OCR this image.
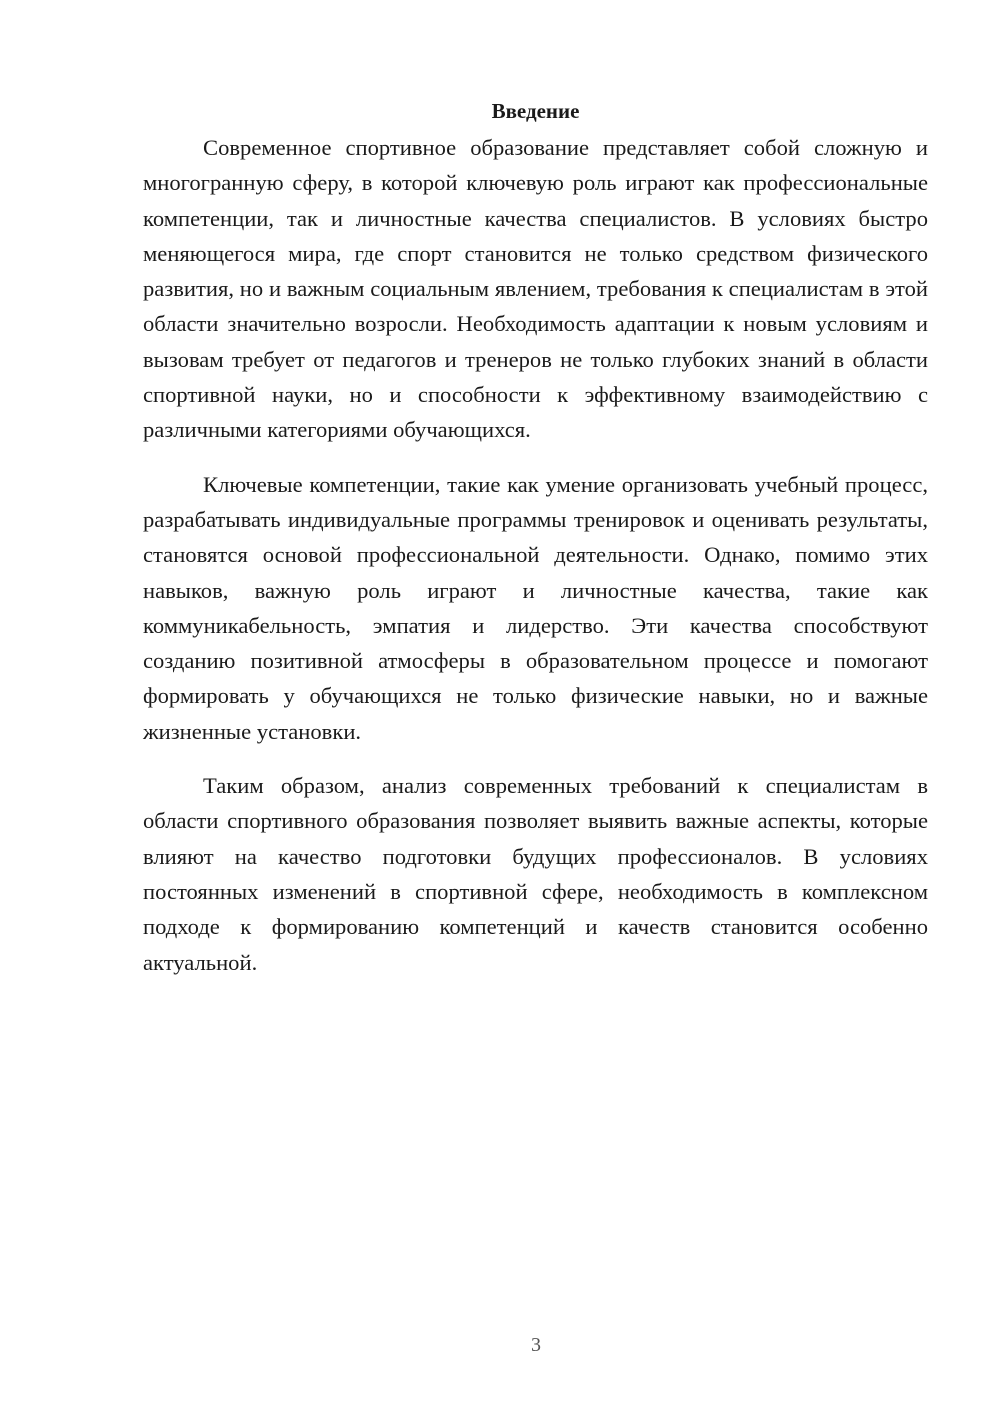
Введение

Современное спортивное образование представляет собой сложную и многогранную сферу, в которой ключевую роль играют как профессиональные компетенции, так и личностные качества специалистов. В условиях быстро меняющегося мира, где спорт становится не только средством физического развития, но и важным социальным явлением, требования к специалистам в этой области значительно возросли. Необходимость адаптации к новым условиям и вызовам требует от педагогов и тренеров не только глубоких знаний в области спортивной науки, но и способности к эффективному взаимодействию с различными категориями обучающихся.

Ключевые компетенции, такие как умение организовать учебный процесс, разрабатывать индивидуальные программы тренировок и оценивать результаты, становятся основой профессиональной деятельности. Однако, помимо этих навыков, важную роль играют и личностные качества, такие как коммуникабельность, эмпатия и лидерство. Эти качества способствуют созданию позитивной атмосферы в образовательном процессе и помогают формировать у обучающихся не только физические навыки, но и важные жизненные установки.

Таким образом, анализ современных требований к специалистам в области спортивного образования позволяет выявить важные аспекты, которые влияют на качество подготовки будущих профессионалов. В условиях постоянных изменений в спортивной сфере, необходимость в комплексном подходе к формированию компетенций и качеств становится особенно актуальной.

3
